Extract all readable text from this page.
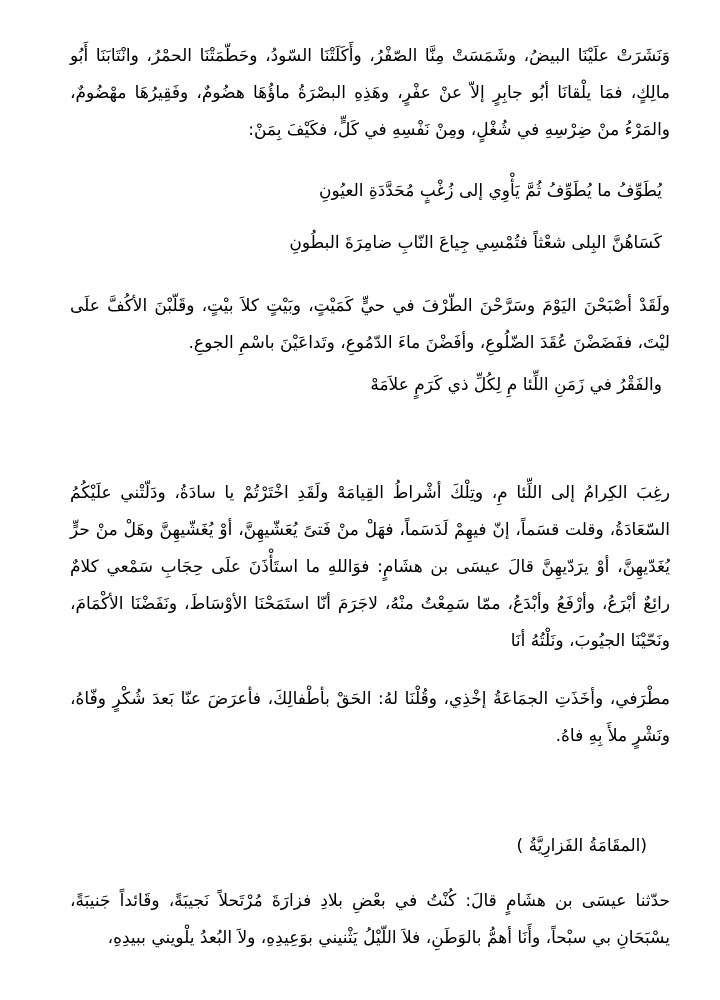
وَنَشَرَتْ علَيْنَا البيضُ، وشَمَسَتْ مِنَّا الصّفْرُ، وأَكَلَتْنَا السّودُ، وحَطّمَتْنَا الحمْرُ، وانْتَابَنَا أَبُو مالِكٍ، فمَا يلْقانَا أبُو جابِرٍ إلاّ عنْ عفْرٍ، وهَذِهِ البصْرَةُ ماؤُهَا هضُومٌ، وفَقِيرُهَا مهْضُومٌ، والمَرْءُ منْ ضِرْسِهِ في شُغْلٍ، ومِنْ نَفْسِهِ في كَلٍّ، فكَيْفَ بِمَنْ:

يُطَوِّفُ ما يُطَوِّفُ ثُمَّ يَأْوِي إلى زُغْبٍ مُحَدَّدَةِ العيُونِ

كَسَاهُنَّ البِلى شعْثاً فتُمْسِي جِياعَ النّابِ ضامِرَةَ البطُونِ

ولَقَدْ أصْبَحْنَ اليَوْمَ وسَرَّحْنَ الطّرْفَ في حيٍّ كَمَيْتٍ، وبَيْتٍ كلاَ بيْتٍ، وقَلّبْنَ الأكُفَّ علَى ليْتَ، ففَضَضْنَ عُقَدَ الضّلُوعِ، وأفَضْنَ ماءَ الدّمُوعِ، وتَداعَيْنَ باسْمِ الجوعِ.

والفَقْرُ في زَمَنِ اللِّئا مِ لِكُلِّ ذي كَرَمٍ علاَمَهْ

رغِبَ الكِرامُ إلى اللِّئا مِ، وتِلْكَ أشْراطُ القِيامَهْ ولَقَدِ اخْتَرْتُمْ يا سادَةُ، ودَلّتْني علَيْكُمُ السّعَادَةُ، وقلت قسَماً، إنّ فيهِمْ لَدَسَماً، فهَلْ منْ فَتىً يُعَشّيهِنَّ، أوْ يُغَشّيهِنَّ وهَلْ منْ حرٍّ يُغَدّيهِنَّ، أوْ يرَدّيهِنَّ قالَ عيسَى بن هشَامٍ: فوَاللهِ ما استَأْذَنَ علَى حِجَابِ سَمْعي كلامٌ رائِعٌ أبْرَعُ، وأرْفَعُ وأبْدَعُ، ممّا سَمِعْتُ منْهُ، لاجَرَمَ أنّا استَمَحْنَا الأوْسَاطَ، ونَفَضْنَا الأكْمَامَ، ونَحّيْنَا الجيُوبَ، ونَلْتُهُ أنَا

مطْرَفي، وأخَذَتِ الجمَاعَةُ إخْذِي، وقُلْنَا لهُ: الحَقْ بأطْفالِكَ، فأعرَضَ عنّا بَعدَ شُكْرٍ وفّاهُ، ونَشْرٍ ملأَ بِهِ فاهُ.

(المقَامَةُ الفَزارِيَّةُ )

حدّثنا عيسَى بن هشَامٍ قالَ: كُنْتُ في بعْضِ بلادِ فزارَةَ مُرْتَحلاً نَجيبَةً، وقَائداً جَنيبَةً، يسْبَحَانِ بي سبْحاً، وأَنَا أهمُّ بالوَطَنِ، فلاَ اللّيْلُ يَثْنيني بوَعِيدِهِ، ولاَ البُعدُ يلْويني ببيدِهِ،
